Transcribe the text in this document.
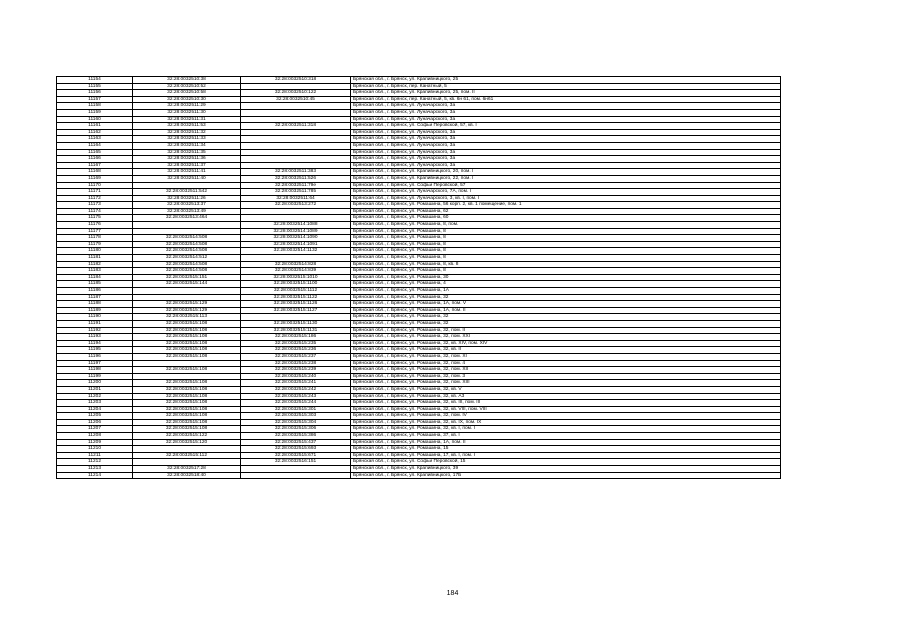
11154	32:28:0032510:38	32:28:0032510:318	Брянская обл., г. Брянск, ул. Крапивницкого, 25
11155	32:28:0032510:52		Брянская обл., г. Брянск, пер. Канатный, 5
11156	32:28:0032510:58	32:28:0032510:122	Брянская обл., г. Брянск, ул. Крапивницкого, 25, пом. II
11157	32:28:0032510:30	32:28:0032510:45	Брянская обл., г. Брянск, пер. Канатный, 5, кв. 6н 61, пом. 6н61
11158	32:28:0032511:29		Брянская обл., г. Брянск, ул. Луначарского, 3а
11159	32:28:0032511:30		Брянская обл., г. Брянск, ул. Луначарского, 3а
11160	32:28:0032511:31		Брянская обл., г. Брянск, ул. Луначарского, 3а
11161	32:28:0032511:53	32:28:0032511:318	Брянская обл., г. Брянск, ул. Софьи Перовской, 57, кв. I
11162	32:28:0032511:32		Брянская обл., г. Брянск, ул. Луначарского, 3а
11163	32:28:0032511:33		Брянская обл., г. Брянск, ул. Луначарского, 3а
11164	32:28:0032511:34		Брянская обл., г. Брянск, ул. Луначарского, 3а
11165	32:28:0032511:35		Брянская обл., г. Брянск, ул. Луначарского, 3а
11166	32:28:0032511:36		Брянская обл., г. Брянск, ул. Луначарского, 3а
11167	32:28:0032511:37		Брянская обл., г. Брянск, ул. Луначарского, 3а
11168	32:28:0032511:41	32:28:0032511:383	Брянская обл., г. Брянск, ул. Крапивницкого, 20, пом. I
11169	32:28:0032511:40	32:28:0032511:526	Брянская обл., г. Брянск, ул. Крапивницкого, 22, пом. I
11170		32:28:0032511:79e	Брянская обл., г. Брянск, ул. Софьи Перовской, 57
11171	32:28:0032511:542	32:28:0032511:785	Брянская обл., г. Брянск, ул. Луначарского, 7А, пом. I
11172	32:28:0032511:26	32:28:0032511:64	Брянская обл., г. Брянск, ул. Луначарского, 3, кв. I, пом. I
11173	32:28:0032513:37	32:28:0032513:272	Брянская обл., г. Брянск, ул. Ромашина, 56 корп. 2, кв. 1 помещение, пом. 1
11174	32:28:0032513:49		Брянская обл., г. Брянск, ул. Ромашина, 62
11175	32:28:0032513:464		Брянская обл., г. Брянск, ул. Ромашина, 60
11176		32:28:0032514:1088	Брянская обл., г. Брянск, ул. Ромашина, 8, пом.
11177		32:28:0032514:1089	Брянская обл., г. Брянск, ул. Ромашина, 8
11178	32:28:0032514:508	32:28:0032514:1090	Брянская обл., г. Брянск, ул. Ромашина, 8
11179	32:28:0032514:508	32:28:0032514:1091	Брянская обл., г. Брянск, ул. Ромашина, 8
11180	32:28:0032514:508	32:28:0032514:1132	Брянская обл., г. Брянск, ул. Ромашина, 8
11181	32:28:0032514:512		Брянская обл., г. Брянск, ул. Ромашина, 8
11182	32:28:0032514:508	32:28:0032514:828	Брянская обл., г. Брянск, ул. Ромашина, 8, кв. 8
11183	32:28:0032514:508	32:28:0032514:839	Брянская обл., г. Брянск, ул. Ромашина, 8
11184	32:28:0032515:151	32:28:0032515:1010	Брянская обл., г. Брянск, ул. Ромашина, 30
11185	32:28:0032515:144	32:28:0032515:1100	Брянская обл., г. Брянск, ул. Ромашина, 4
11186		32:28:0032515:1112	Брянская обл., г. Брянск, ул. Ромашина, 1А
11187		32:28:0032515:1122	Брянская обл., г. Брянск, ул. Ромашина, 32
11188	32:28:0032515:129	32:28:0032515:1126	Брянская обл., г. Брянск, ул. Ромашина, 1А, пом. V
11189	32:28:0032515:129	32:28:0032515:1127	Брянская обл., г. Брянск, ул. Ромашина, 1А, пом. II
11190	32:28:0032515:113		Брянская обл., г. Брянск, ул. Ромашина, 32
11191	32:28:0032515:108	32:28:0032515:1130	Брянская обл., г. Брянск, ул. Ромашина, 32
11192	32:28:0032515:108	32:28:0032515:1131	Брянская обл., г. Брянск, ул. Ромашина, 32, пом. II
11193	32:28:0032515:108	32:28:0032515:186	Брянская обл., г. Брянск, ул. Ромашина, 32, пом. XXI
11194	32:28:0032515:108	32:28:0032515:235	Брянская обл., г. Брянск, ул. Ромашина, 32, кв. XIV, пом. XIV
11195	32:28:0032515:108	32:28:0032515:236	Брянская обл., г. Брянск, ул. Ромашина, 32, кв. II
11196	32:28:0032515:108	32:28:0032515:237	Брянская обл., г. Брянск, ул. Ромашина, 32, пом. XI
11197		32:28:0032515:238	Брянская обл., г. Брянск, ул. Ромашина, 32, пом. 4
11198	32:28:0032515:108	32:28:0032515:239	Брянская обл., г. Брянск, ул. Ромашина, 32, пом. XII
11199		32:28:0032515:240	Брянская обл., г. Брянск, ул. Ромашина, 32, пом. 3
11200	32:28:0032515:108	32:28:0032515:241	Брянская обл., г. Брянск, ул. Ромашина, 32, пом. XIII
11201	32:28:0032515:108	32:28:0032515:242	Брянская обл., г. Брянск, ул. Ромашина, 32, кв. V
11202	32:28:0032515:108	32:28:0032515:243	Брянская обл., г. Брянск, ул. Ромашина, 32, кв. А3
11203	32:28:0032515:108	32:28:0032515:244	Брянская обл., г. Брянск, ул. Ромашина, 32, кв. III, пом. III
11204	32:28:0032515:108	32:28:0032515:301	Брянская обл., г. Брянск, ул. Ромашина, 32, кв. VIII, пом. VIII
11205	32:28:0032515:108	32:28:0032515:303	Брянская обл., г. Брянск, ул. Ромашина, 32, пом. IV
11206	32:28:0032515:108	32:28:0032515:304	Брянская обл., г. Брянск, ул. Ромашина, 32, кв. IX, пом. IX
11207	32:28:0032515:108	32:28:0032515:306	Брянская обл., г. Брянск, ул. Ромашина, 32, кв. I, пом. I
11208	32:28:0032515:122	32:28:0032515:386	Брянская обл., г. Брянск, ул. Ромашина, 37, кв. I
11209	32:28:0032515:120	32:28:0032515:437	Брянская обл., г. Брянск, ул. Ромашина, 1А, пом. II
11210		32:28:0032515:693	Брянская обл., г. Брянск, ул. Ромашина, 15
11211	32:28:0032515:112	32:28:0032515:671	Брянская обл., г. Брянск, ул. Ромашина, 17, кв. I, пом. I
11212		32:28:0032516:151	Брянская обл., г. Брянск, ул. Софьи Перовской, 15
11213	32:28:0032517:28		Брянская обл., г. Брянск, ул. Крапивницкого, 39
11214	32:28:0032518:40		Брянская обл., г. Брянск, ул. Крапивницкого, 17Б
184
